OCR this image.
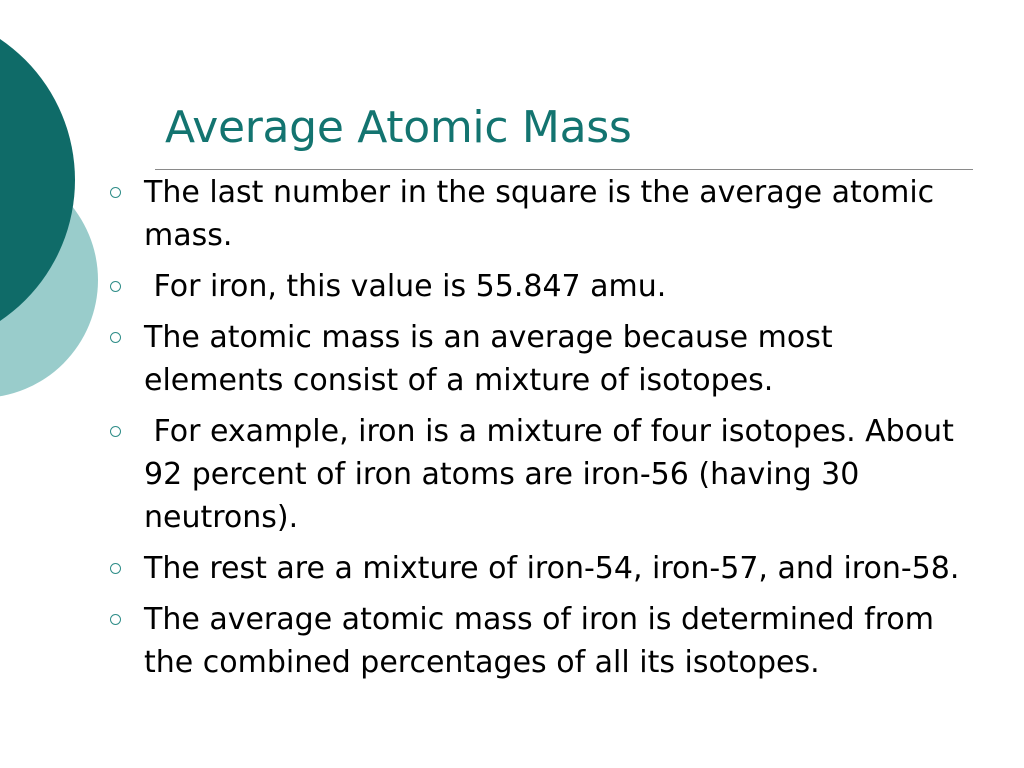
Average Atomic Mass
The last number in the square is the average atomic mass.
For iron, this value is 55.847 amu.
The atomic mass is an average because most elements consist of a mixture of isotopes.
For example, iron is a mixture of four isotopes. About 92 percent of iron atoms are iron-56 (having 30 neutrons).
The rest are a mixture of iron-54, iron-57, and iron-58.
The average atomic mass of iron is determined from the combined percentages of all its isotopes.
